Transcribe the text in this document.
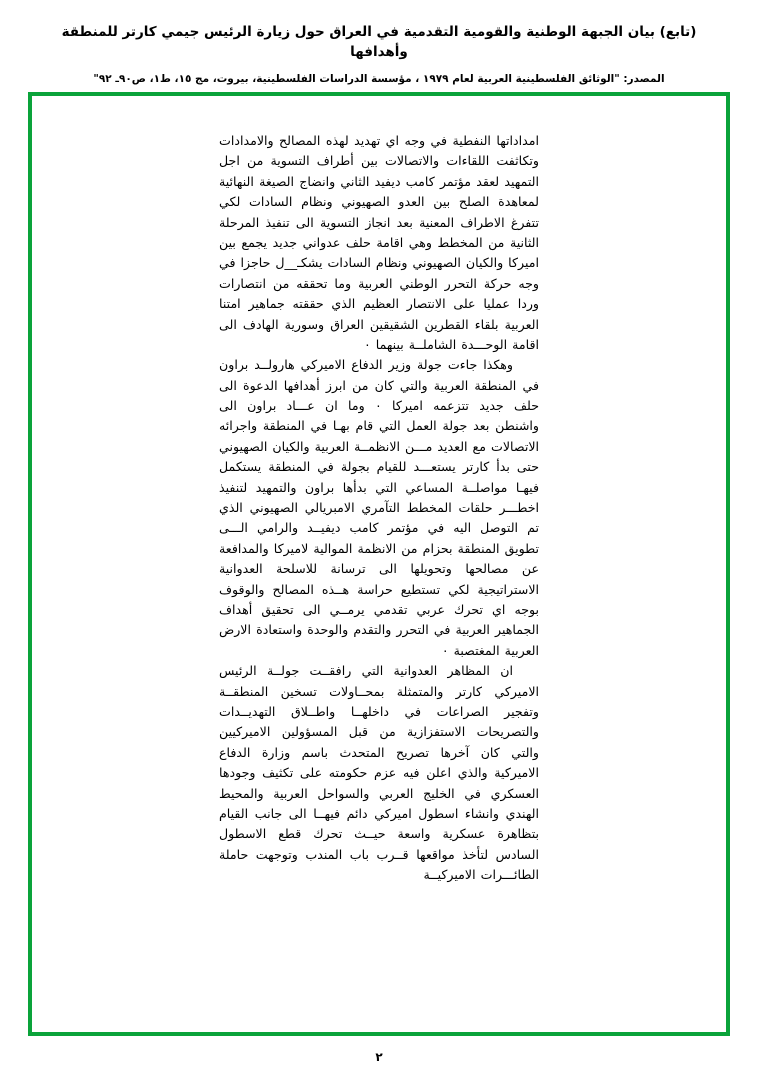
(تابع) بيان الجبهة الوطنية والقومية التقدمية في العراق حول زيارة الرئيس جيمي كارتر للمنطقة وأهدافها
المصدر: "الوثائق الفلسطينية العربية لعام ١٩٧٩ ، مؤسسة الدراسات الفلسطينية، بيروت، مج ١٥، ط١، ص٩٠ـ ٩٢"

امداداتها النفطية في وجه اي تهديد لهذه المصالح والامدادات وتكاثفت اللقاءات والاتصالات بين أطراف التسوية من اجل التمهيد لعقد مؤتمر كامب ديفيد الثاني وانضاج الصيغة النهائية لمعاهدة الصلح بين العدو الصهيوني ونظام السادات لكي تتفرغ الاطراف المعنية بعد انجاز التسوية الى تنفيذ المرحلة الثانية من المخطط وهي اقامة حلف عدواني جديد يجمع بين اميركا والكيان الصهيوني ونظام السادات يشكـ__ل حاجزا في وجه حركة التحرر الوطني العربية وما تحققه من انتصارات وردا عمليا على الانتصار العظيم الذي حققته جماهير امتنا العربية بلقاء القطرين الشقيقين العراق وسورية الهادف الى اقامة الوحـــدة الشاملــة بينهما ٠

وهكذا جاءت جولة وزير الدفاع الاميركي هارولــد براون في المنطقة العربية والتي كان من ابرز أهدافها الدعوة الى حلف جديد تتزعمه اميركا ٠ وما ان عـــاد براون الى واشنطن بعد جولة العمل التي قام بهـا في المنطقة واجرائه الاتصالات مع العديد مـــن الانظمــة العربية والكيان الصهيوني حتى بدأ كارتر يستعـــد للقيام بجولة في المنطقة يستكمل فيهـا مواصلــة المساعي التي بدأها براون والتمهيد لتنفيذ اخطـــر حلقات المخطط التآمري الامبريالي الصهيوني الذي تم التوصل اليه في مؤتمر كامب ديفيــد والرامي الـــى تطويق المنطقة بحزام من الانظمة الموالية لاميركا والمدافعة عن مصالحها وتحويلها الى ترسانة للاسلحة العدوانية الاستراتيجية لكي تستطيع حراسة هــذه المصالح والوقوف بوجه اي تحرك عربي تقدمي يرمــي الى تحقيق أهداف الجماهير العربية في التحرر والتقدم والوحدة واستعادة الارض العربية المغتصبة ٠

ان المظاهر العدوانية التي رافقــت جولــة الرئيس الاميركي كارتر والمتمثلة بمحــاولات تسخين المنطقــة وتفجير الصراعات في داخلهــا واطــلاق التهديــدات والتصريحات الاستفزازية من قبل المسؤولين الاميركيين والتي كان آخرها تصريح المتحدث باسم وزارة الدفاع الاميركية والذي اعلن فيه عزم حكومته على تكثيف وجودها العسكري في الخليج العربي والسواحل العربية والمحيط الهندي وانشاء اسطول اميركي دائم فيهــا الى جانب القيام بتظاهرة عسكرية واسعة حيــث تحرك قطع الاسطول السادس لتأخذ مواقعها قــرب باب المندب وتوجهت حاملة الطائـــرات الاميركيــة

٢
